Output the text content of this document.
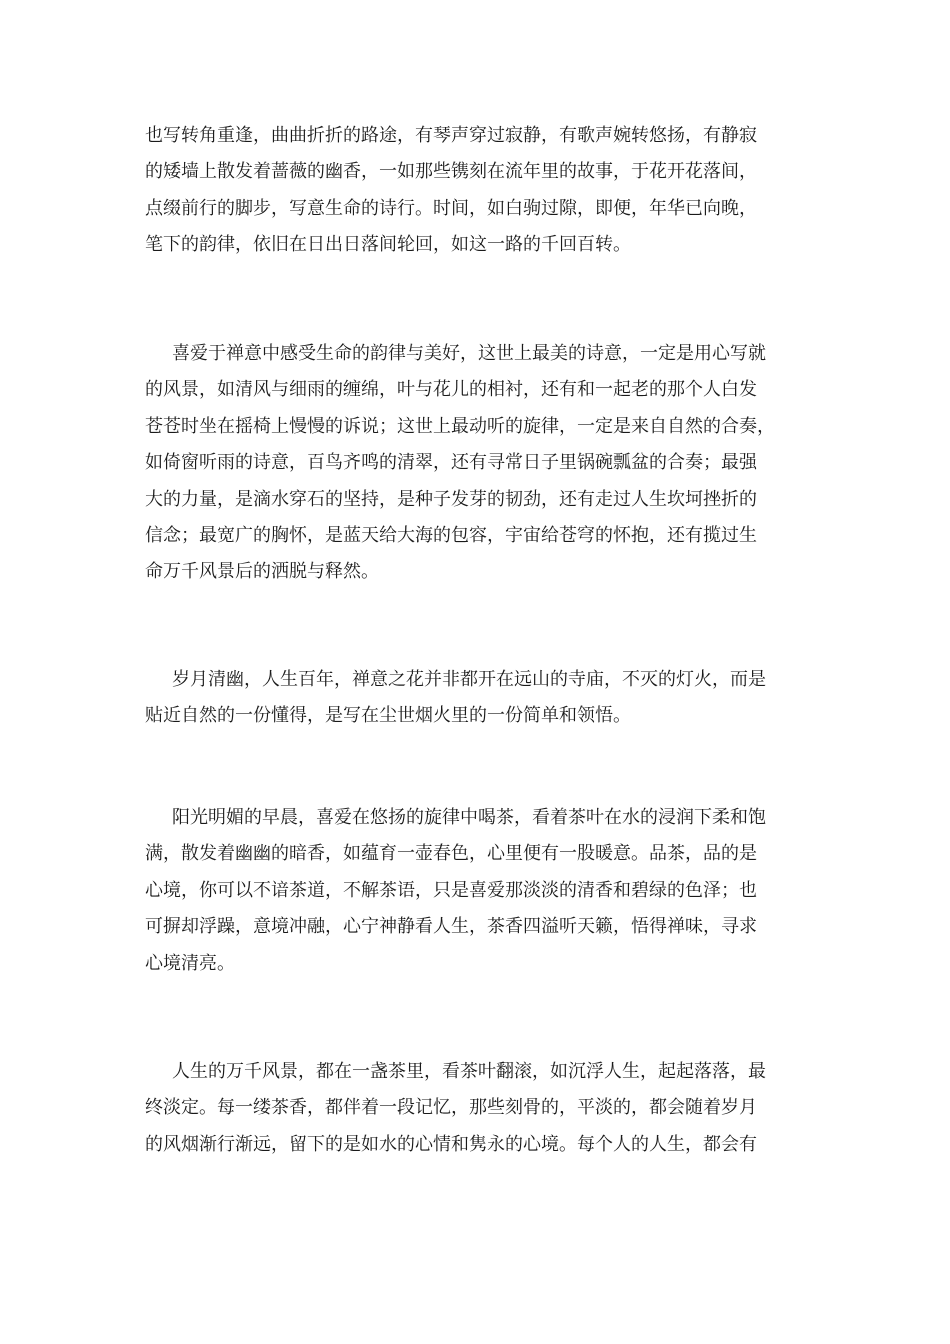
也写转角重逢，曲曲折折的路途，有琴声穿过寂静，有歌声婉转悠扬，有静寂
的矮墙上散发着蔷薇的幽香，一如那些镌刻在流年里的故事，于花开花落间，
点缀前行的脚步，写意生命的诗行。时间，如白驹过隙，即便，年华已向晚，
笔下的韵律，依旧在日出日落间轮回，如这一路的千回百转。
喜爱于禅意中感受生命的韵律与美好，这世上最美的诗意，一定是用心写就
的风景，如清风与细雨的缠绵，叶与花儿的相衬，还有和一起老的那个人白发
苍苍时坐在摇椅上慢慢的诉说；这世上最动听的旋律，一定是来自自然的合奏，
如倚窗听雨的诗意，百鸟齐鸣的清翠，还有寻常日子里锅碗瓢盆的合奏；最强
大的力量，是滴水穿石的坚持，是种子发芽的韧劲，还有走过人生坎坷挫折的
信念；最宽广的胸怀，是蓝天给大海的包容，宇宙给苍穹的怀抱，还有揽过生
命万千风景后的洒脱与释然。
岁月清幽，人生百年，禅意之花并非都开在远山的寺庙，不灭的灯火，而是
贴近自然的一份懂得，是写在尘世烟火里的一份简单和领悟。
阳光明媚的早晨，喜爱在悠扬的旋律中喝茶，看着茶叶在水的浸润下柔和饱
满，散发着幽幽的暗香，如蕴育一壶春色，心里便有一股暖意。品茶，品的是
心境，你可以不谙茶道，不解茶语，只是喜爱那淡淡的清香和碧绿的色泽；也
可摒却浮躁，意境冲融，心宁神静看人生，茶香四溢听天籁，悟得禅味，寻求
心境清亮。
人生的万千风景，都在一盏茶里，看茶叶翻滚，如沉浮人生，起起落落，最
终淡定。每一缕茶香，都伴着一段记忆，那些刻骨的，平淡的，都会随着岁月
的风烟渐行渐远，留下的是如水的心情和隽永的心境。每个人的人生，都会有
